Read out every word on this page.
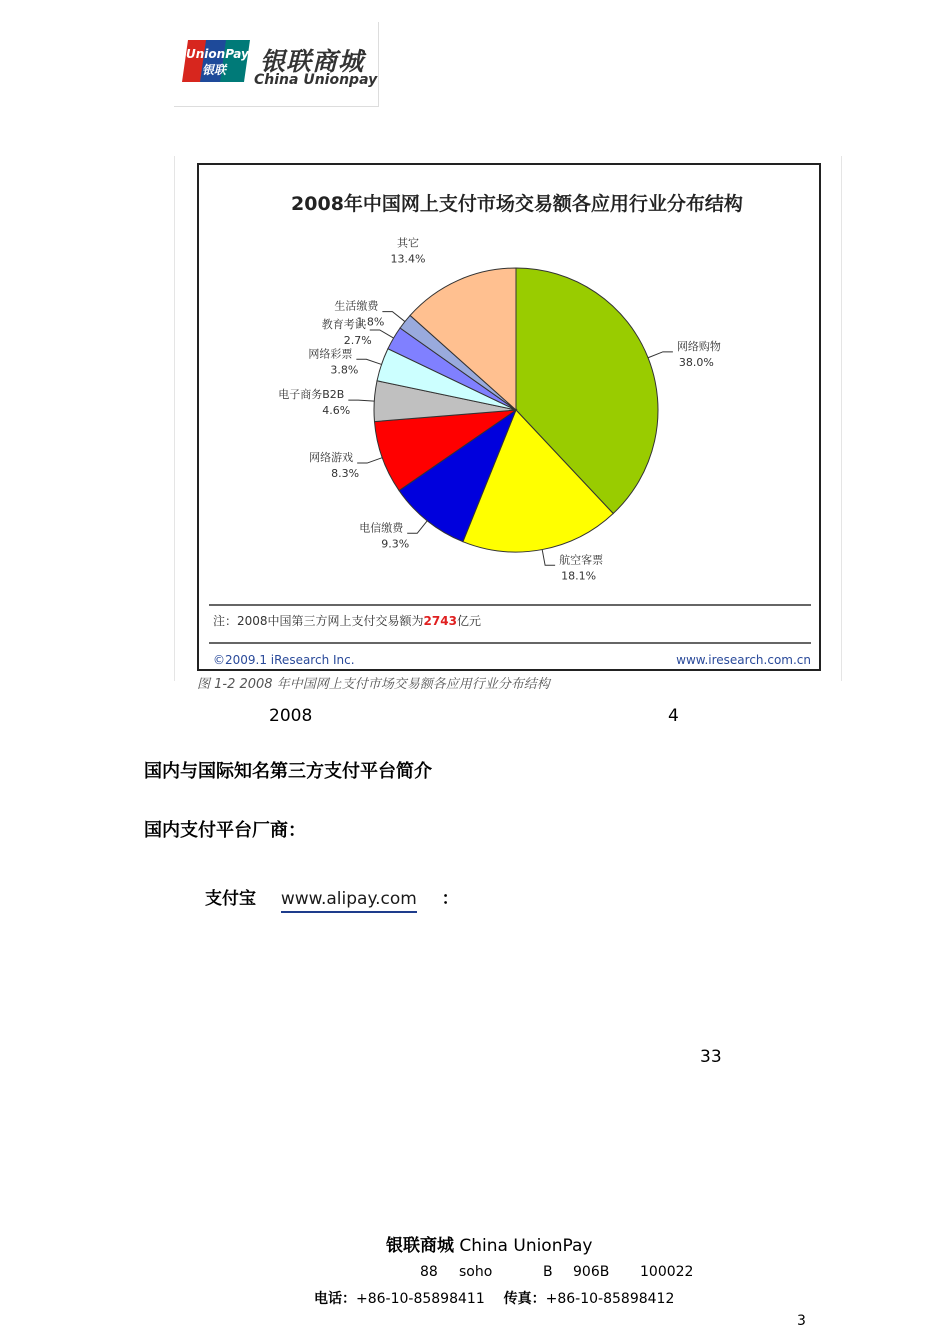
UnionPay
银联 银联商城
China Unionpay
2008年中国网上支付市场交易额各应用行业分布结构
网络购物
38.0%
航空客票
18.1%
电信缴费
9.3%
网络游戏
8.3%
电子商务B2B
4.6%
网络彩票
3.8%
教育考试
2.7%
生活缴费
1.8%
其它
13.4%
注：2008中国第三方网上支付交易额为2743亿元
©2009.1 iResearch Inc.	www.iresearch.com.cn
图 1-2 2008 年中国网上支付市场交易额各应用行业分布结构
2008	4
国内与国际知名第三方支付平台简介
国内支付平台厂商：
支付宝 www.alipay.com ：
33
银联商城 China UnionPay
88 soho	B 906B 100022
电话：+86-10-85898411 传真：+86-10-85898412
3
